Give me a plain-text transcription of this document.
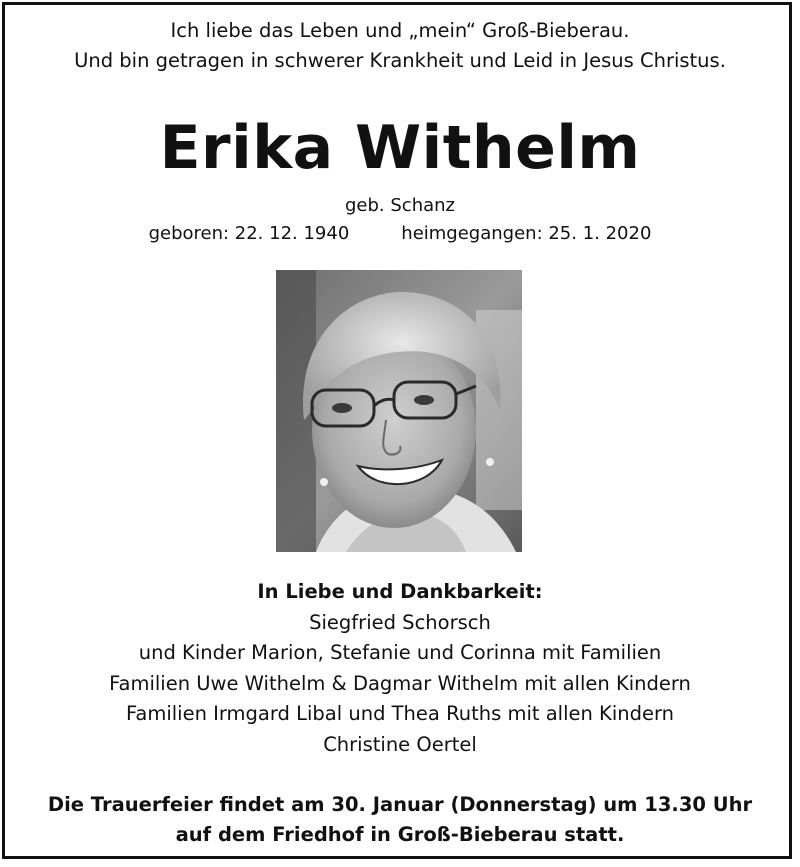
Ich liebe das Leben und „mein“ Groß-Bieberau.
Und bin getragen in schwerer Krankheit und Leid in Jesus Christus.
Erika Withelm
geb. Schanz
geboren: 22. 12. 1940	heimgegangen: 25. 1. 2020
In Liebe und Dankbarkeit:
Siegfried Schorsch
und Kinder Marion, Stefanie und Corinna mit Familien
Familien Uwe Withelm & Dagmar Withelm mit allen Kindern
Familien Irmgard Libal und Thea Ruths mit allen Kindern
Christine Oertel
Die Trauerfeier findet am 30. Januar (Donnerstag) um 13.30 Uhr
auf dem Friedhof in Groß-Bieberau statt.
